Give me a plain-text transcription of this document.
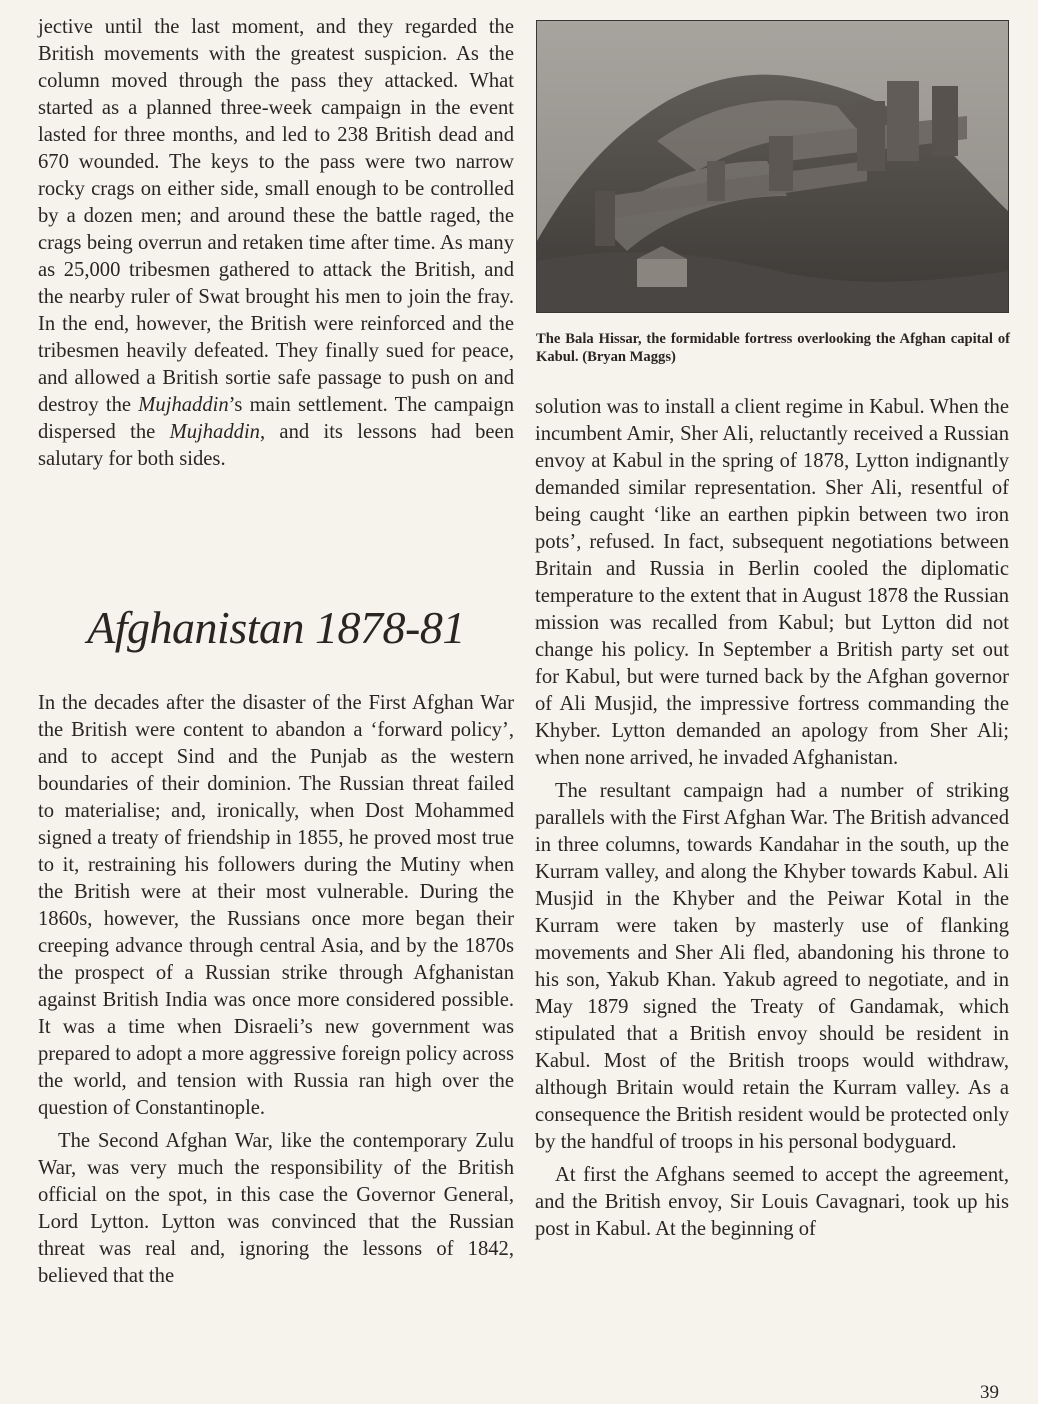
jective until the last moment, and they regarded the British movements with the greatest suspicion. As the column moved through the pass they attacked. What started as a planned three-week campaign in the event lasted for three months, and led to 238 British dead and 670 wounded. The keys to the pass were two narrow rocky crags on either side, small enough to be controlled by a dozen men; and around these the battle raged, the crags being overrun and retaken time after time. As many as 25,000 tribesmen gathered to attack the British, and the nearby ruler of Swat brought his men to join the fray. In the end, however, the British were reinforced and the tribesmen heavily defeated. They finally sued for peace, and allowed a British sortie safe passage to push on and destroy the Mujhaddin’s main settlement. The campaign dispersed the Mujhaddin, and its lessons had been salutary for both sides.

Afghanistan 1878-81

In the decades after the disaster of the First Afghan War the British were content to abandon a ‘forward policy’, and to accept Sind and the Punjab as the western boundaries of their dominion. The Russian threat failed to materialise; and, ironically, when Dost Mohammed signed a treaty of friendship in 1855, he proved most true to it, restraining his followers during the Mutiny when the British were at their most vulnerable. During the 1860s, however, the Russians once more began their creeping advance through central Asia, and by the 1870s the prospect of a Russian strike through Afghanistan against British India was once more considered possible. It was a time when Disraeli’s new government was prepared to adopt a more aggressive foreign policy across the world, and tension with Russia ran high over the question of Constantinople.

The Second Afghan War, like the contemporary Zulu War, was very much the responsibility of the British official on the spot, in this case the Governor General, Lord Lytton. Lytton was convinced that the Russian threat was real and, ignoring the lessons of 1842, believed that the

The Bala Hissar, the formidable fortress overlooking the Afghan capital of Kabul. (Bryan Maggs)

solution was to install a client regime in Kabul. When the incumbent Amir, Sher Ali, reluctantly received a Russian envoy at Kabul in the spring of 1878, Lytton indignantly demanded similar representation. Sher Ali, resentful of being caught ‘like an earthen pipkin between two iron pots’, refused. In fact, subsequent negotiations between Britain and Russia in Berlin cooled the diplomatic temperature to the extent that in August 1878 the Russian mission was recalled from Kabul; but Lytton did not change his policy. In September a British party set out for Kabul, but were turned back by the Afghan governor of Ali Musjid, the impressive fortress commanding the Khyber. Lytton demanded an apology from Sher Ali; when none arrived, he invaded Afghanistan.

The resultant campaign had a number of striking parallels with the First Afghan War. The British advanced in three columns, towards Kandahar in the south, up the Kurram valley, and along the Khyber towards Kabul. Ali Musjid in the Khyber and the Peiwar Kotal in the Kurram were taken by masterly use of flanking movements and Sher Ali fled, abandoning his throne to his son, Yakub Khan. Yakub agreed to negotiate, and in May 1879 signed the Treaty of Gandamak, which stipulated that a British envoy should be resident in Kabul. Most of the British troops would withdraw, although Britain would retain the Kurram valley. As a consequence the British resident would be protected only by the handful of troops in his personal bodyguard.

At first the Afghans seemed to accept the agreement, and the British envoy, Sir Louis Cavagnari, took up his post in Kabul. At the beginning of

39
